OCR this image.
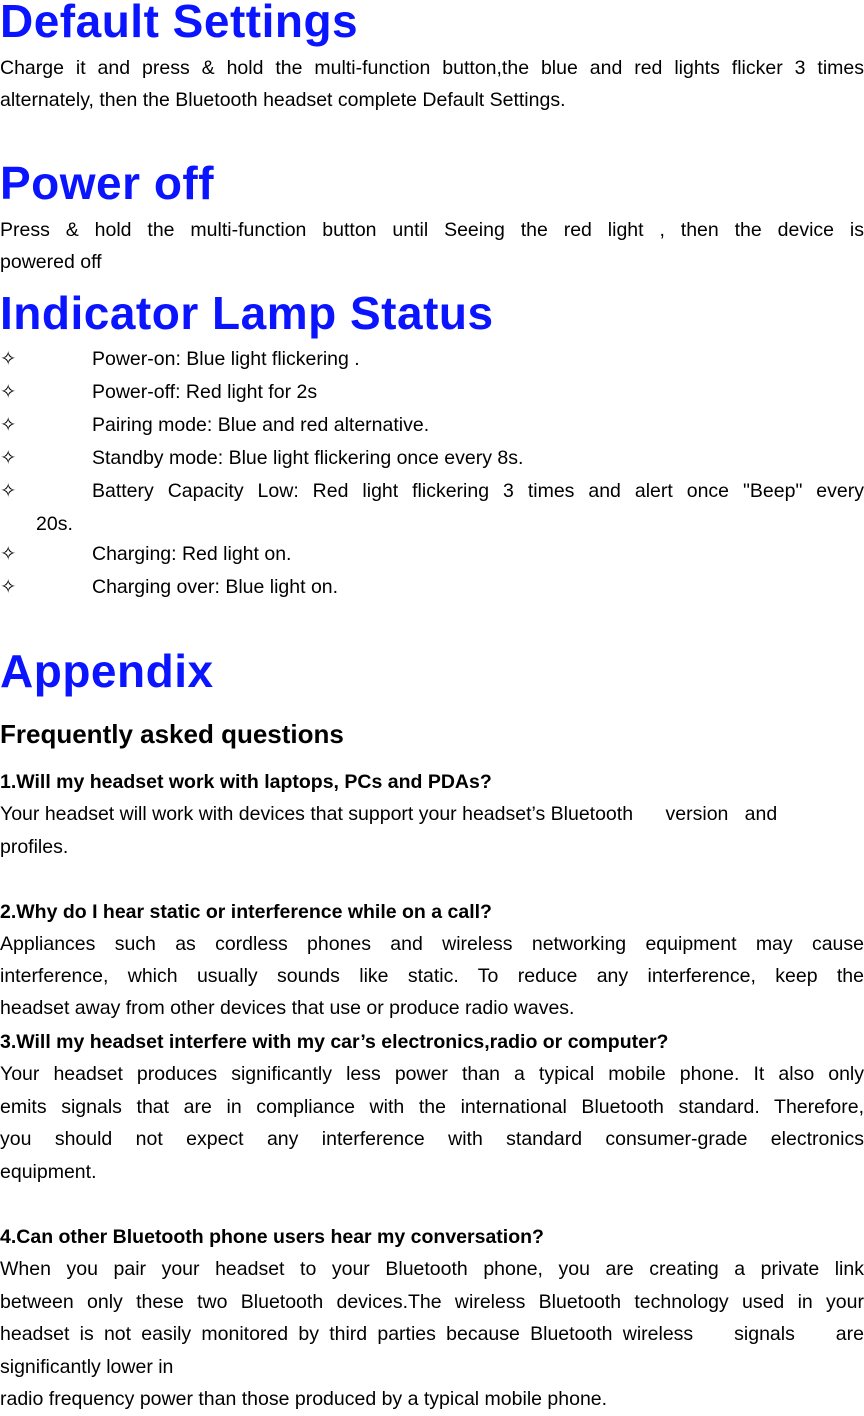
Default Settings

Charge it and press & hold the multi-function button,the blue and red lights flicker 3 times

alternately, then the Bluetooth headset complete Default Settings.

Power off

Press & hold the multi-function button until Seeing the red light , then the device is

powered off

Indicator Lamp Status
✧	Power-on: Blue light flickering .
✧	Power-off: Red light for 2s
✧	Pairing mode: Blue and red alternative.
✧	Standby mode: Blue light flickering once every 8s.
✧	Battery Capacity Low: Red light flickering 3 times and alert once "Beep" every
20s.
✧	Charging: Red light on.
✧	Charging over: Blue light on.
Appendix
Frequently asked questions

1.Will my headset work with laptops, PCs and PDAs?

Your headset will work with devices that support your headset’s Bluetooth      version   and

profiles.

2.Why do I hear static or interference while on a call?

Appliances such as cordless phones and wireless networking equipment may cause

interference, which usually sounds like static. To reduce any interference, keep the

headset away from other devices that use or produce radio waves.

3.Will my headset interfere with my car’s electronics,radio or computer?

Your headset produces significantly less power than a typical mobile phone. It also only

emits signals that are in compliance with the international Bluetooth standard. Therefore,

you should not expect any interference with standard consumer-grade electronics

equipment.

4.Can other Bluetooth phone users hear my conversation?

When you pair your headset to your Bluetooth phone, you are creating a private link

between only these two Bluetooth devices.The wireless Bluetooth technology used in your

headset is not easily monitored by third parties because Bluetooth wireless    signals    are

significantly lower in

radio frequency power than those produced by a typical mobile phone.
